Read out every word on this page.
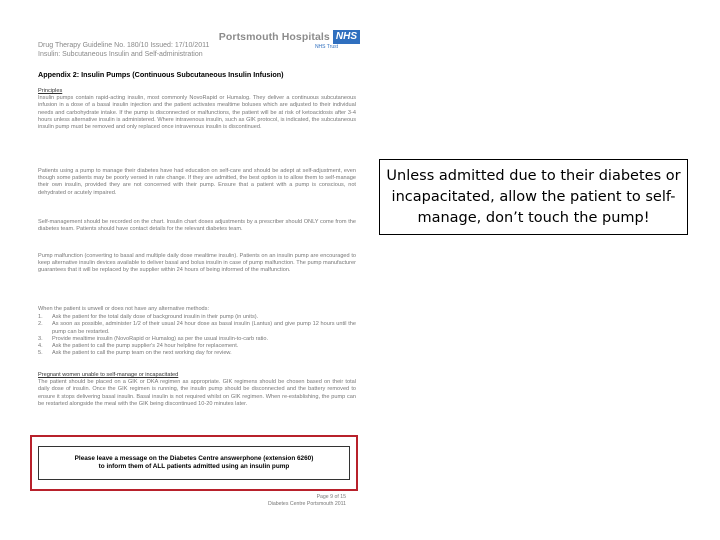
Portsmouth Hospitals NHS
NHS Trust
Drug Therapy Guideline No. 180/10 Issued: 17/10/2011
Insulin: Subcutaneous Insulin and Self-administration
Appendix 2: Insulin Pumps (Continuous Subcutaneous Insulin Infusion)
Principles
Insulin pumps contain rapid-acting insulin, most commonly NovoRapid or Humalog. They deliver a continuous subcutaneous infusion in a dose of a basal insulin injection and the patient activates mealtime boluses which are adjusted to their individual needs and carbohydrate intake. If the pump is disconnected or malfunctions, the patient will be at risk of ketoacidosis after 3-4 hours unless alternative insulin is administered. Where intravenous insulin, such as GIK protocol, is indicated, the subcutaneous insulin pump must be removed and only replaced once intravenous insulin is discontinued.
Patients using a pump to manage their diabetes have had education on self-care and should be adept at self-adjustment, even though some patients may be poorly versed in rate change. If they are admitted, the best option is to allow them to self-manage their own insulin, provided they are not concerned with their pump. Ensure that a patient with a pump is conscious, not dehydrated or acutely impaired.
Self-management should be recorded on the chart. Insulin chart doses adjustments by a prescriber should ONLY come from the diabetes team. Patients should have contact details for the relevant diabetes team.
Pump malfunction (converting to basal and multiple daily dose mealtime insulin). Patients on an insulin pump are encouraged to keep alternative insulin devices available to deliver basal and bolus insulin in case of pump malfunction. The pump manufacturer guarantees that it will be replaced by the supplier within 24 hours of being informed of the malfunction.
When the patient is unwell or does not have any alternative methods:
1.	Ask the patient for the total daily dose of background insulin in their pump (in units).
2.	As soon as possible, administer 1/2 of their usual 24 hour dose as basal insulin (Lantus) and give pump 12 hours until the pump can be restarted.
3.	Provide mealtime insulin (NovoRapid or Humalog) as per the usual insulin-to-carb ratio.
4.	Ask the patient to call the pump supplier's 24 hour helpline for replacement.
5.	Ask the patient to call the pump team on the next working day for review.
Pregnant women unable to self-manage or incapacitated
The patient should be placed on a GIK or DKA regimen as appropriate. GIK regimens should be chosen based on their total daily dose of insulin. Once the GIK regimen is running, the insulin pump should be disconnected and the battery removed to ensure it stops delivering basal insulin. Basal insulin is not required whilst on GIK regimen. When re-establishing, the pump can be restarted alongside the meal with the GIK being discontinued 10-20 minutes later.
Please leave a message on the Diabetes Centre answerphone (extension 6260)
to inform them of ALL patients admitted using an insulin pump
Page 9 of 15
Diabetes Centre Portsmouth 2011
Unless admitted due to their diabetes or incapacitated, allow the patient to self-manage, don’t touch the pump!
